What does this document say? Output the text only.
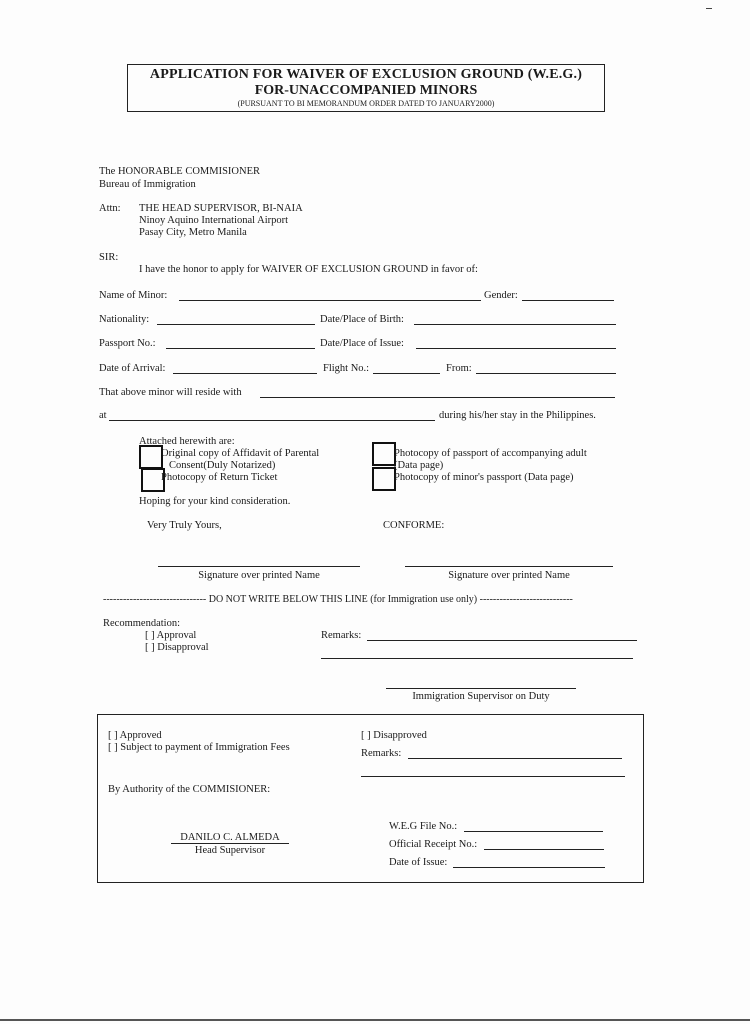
APPLICATION FOR WAIVER OF EXCLUSION GROUND (W.E.G.)
FOR-UNACCOMPANIED MINORS
(PURSUANT TO BI MEMORANDUM ORDER DATED TO JANUARY2000)
The HONORABLE COMMISIONER
Bureau of Immigration
Attn: THE HEAD SUPERVISOR, BI-NAIA
Ninoy Aquino International Airport
Pasay City, Metro Manila
SIR:
I have the honor to apply for WAIVER OF EXCLUSION GROUND in favor of:
Name of Minor:	Gender:
Nationality:	Date/Place of Birth:
Passport No.:	Date/Place of Issue:
Date of Arrival:	Flight No.:	From:
That above minor will reside with
at	during his/her stay in the Philippines.
Attached herewith are:
Original copy of Affidavit of Parental
Consent(Duly Notarized)
Photocopy of Return Ticket
Photocopy of passport of accompanying adult
(Data page)
Photocopy of minor's passport (Data page)
Hoping for your kind consideration.
Very Truly Yours,	CONFORME:
Signature over printed Name	Signature over printed Name
------------------------------- DO NOT WRITE BELOW THIS LINE (for Immigration use only) ----------------------------
Recommendation:
[ ] Approval
[ ] Disapproval
Remarks:
Immigration Supervisor on Duty
[ ] Approved
[ ] Subject to payment of Immigration Fees
[ ] Disapproved
Remarks:
By Authority of the COMMISIONER:
DANILO C. ALMEDA
Head Supervisor
W.E.G File No.:
Official Receipt No.:
Date of Issue:
